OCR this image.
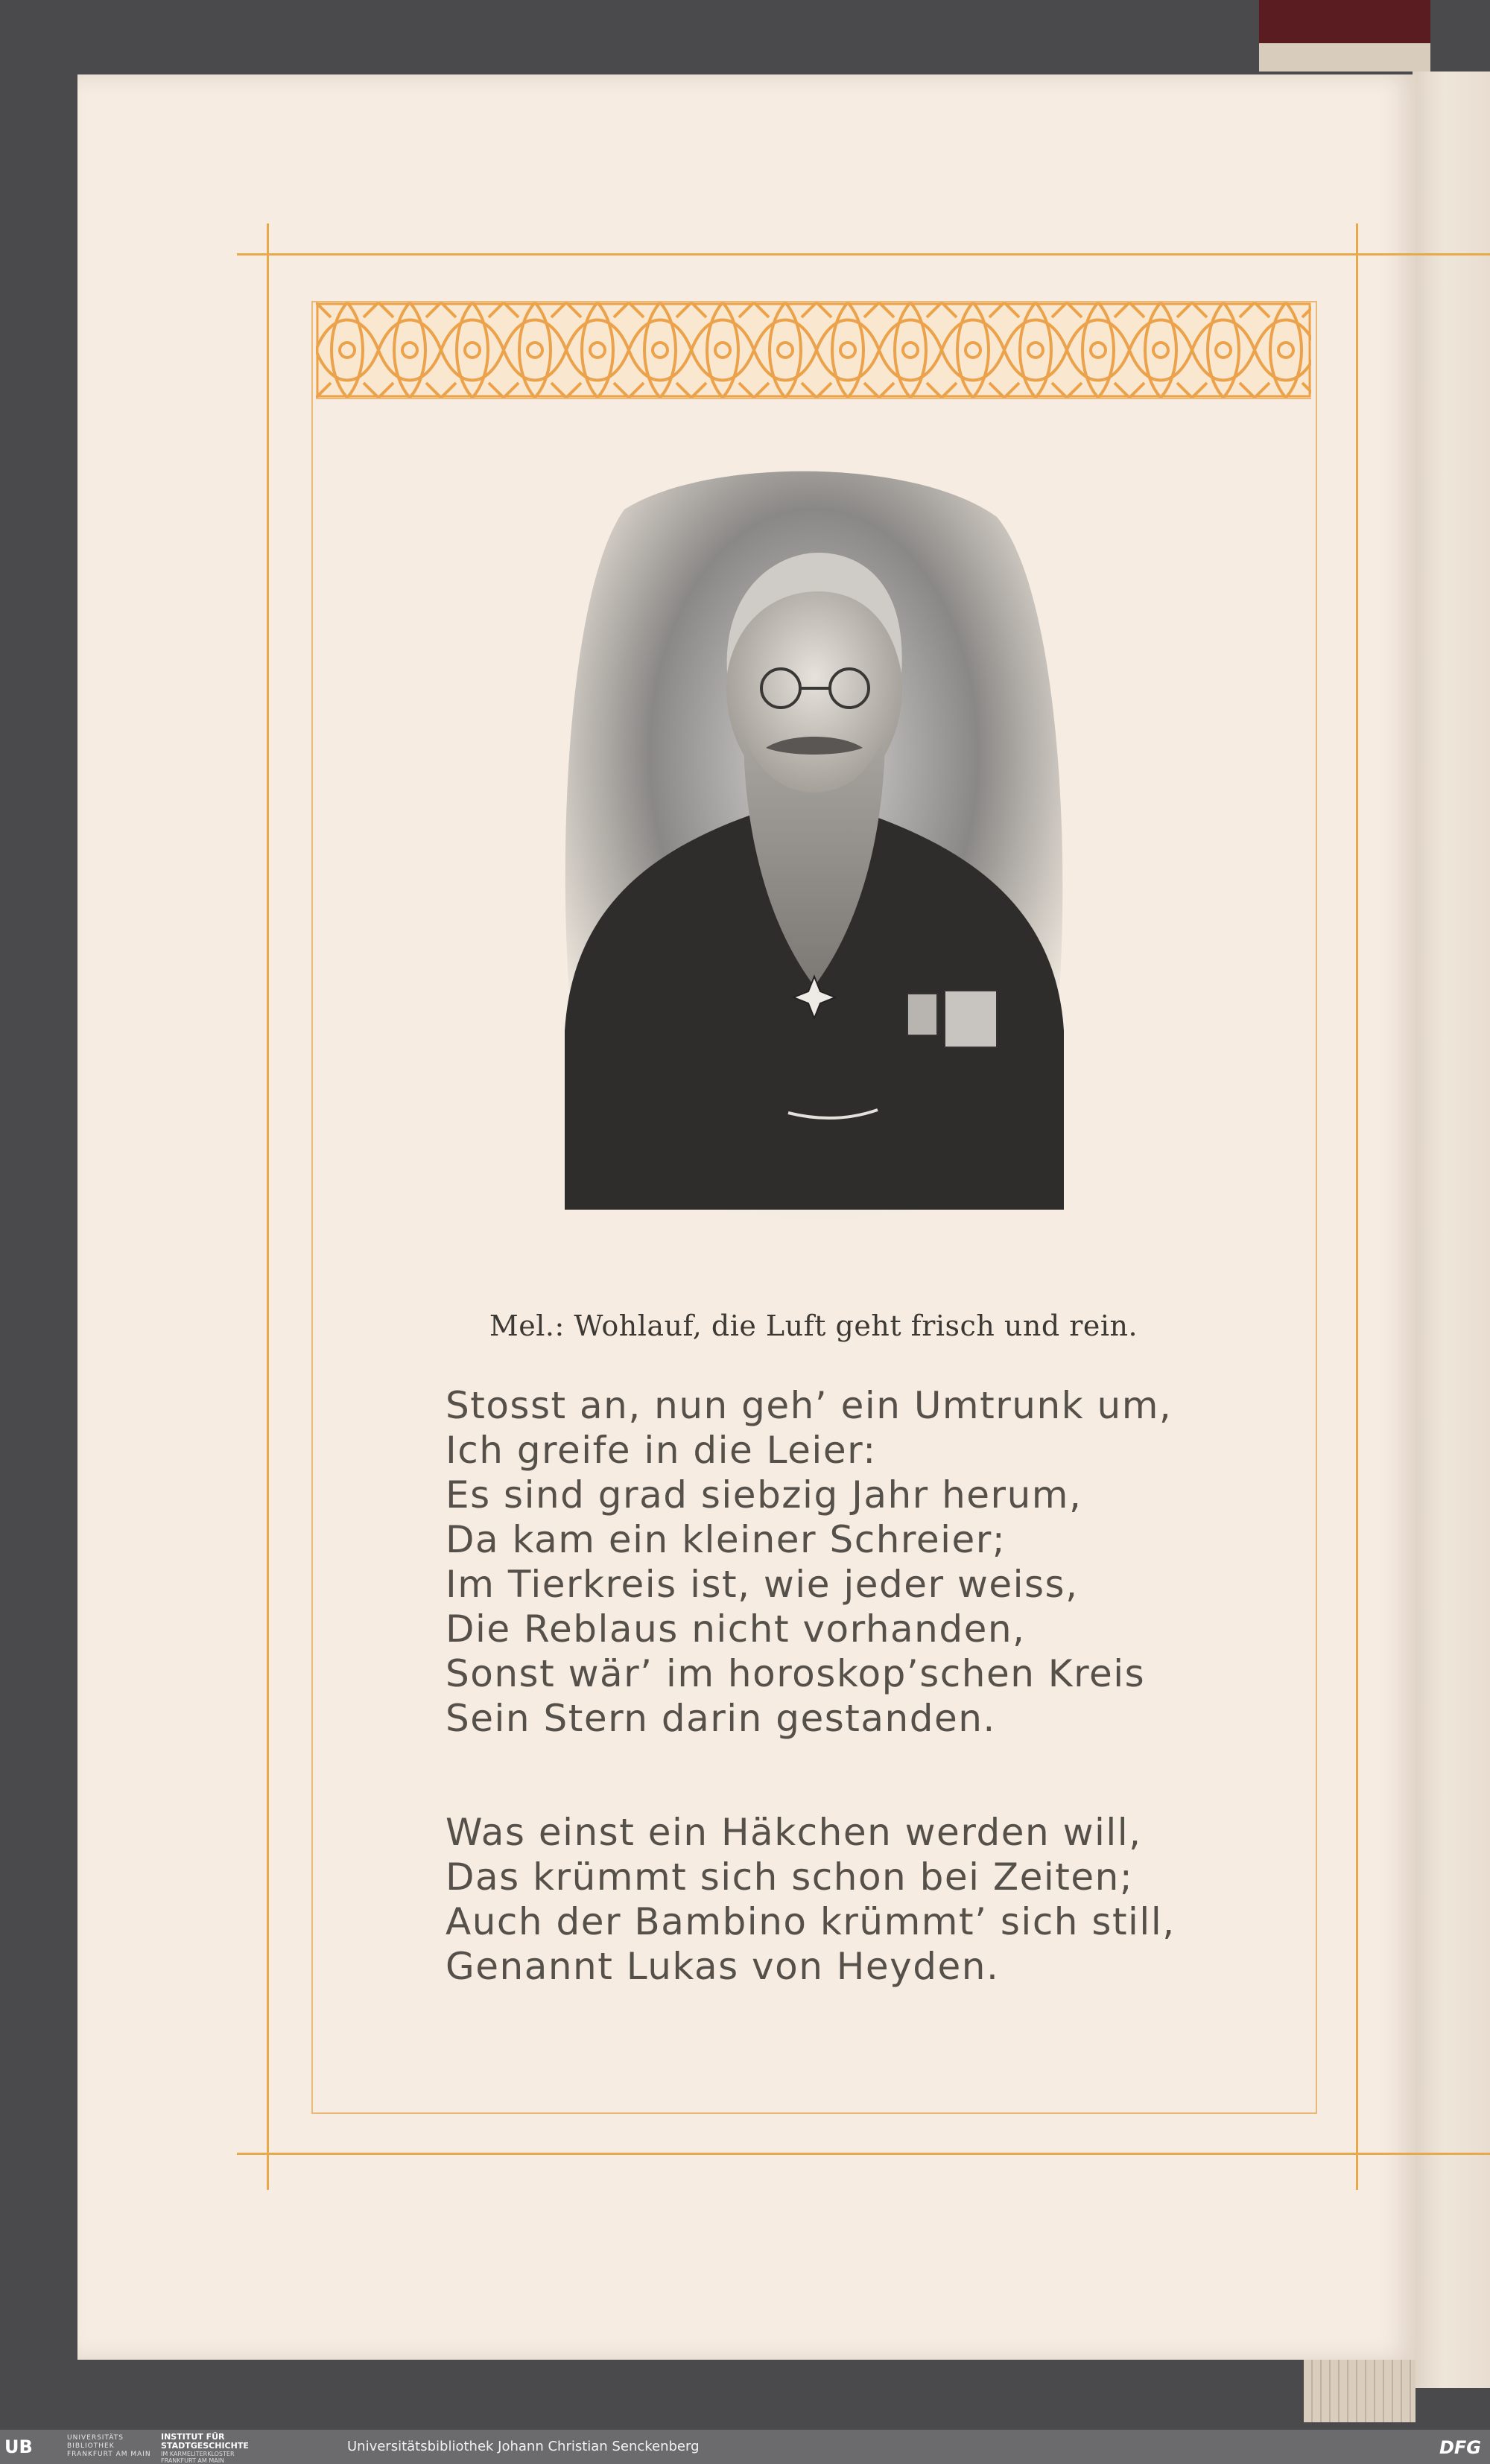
Mel.: Wohlauf, die Luft geht frisch und rein.
Stosst an, nun geh’ ein Umtrunk um,
Ich greife in die Leier:
Es sind grad siebzig Jahr herum,
Da kam ein kleiner Schreier;
Im Tierkreis ist, wie jeder weiss,
Die Reblaus nicht vorhanden,
Sonst wär’ im horoskop’schen Kreis
Sein Stern darin gestanden.
Was einst ein Häkchen werden will,
Das krümmt sich schon bei Zeiten;
Auch der Bambino krümmt’ sich still,
Genannt Lukas von Heyden.
UB	UNIVERSITÄTS
BIBLIOTHEK
FRANKFURT AM MAIN
INSTITUT FÜR
STADTGESCHICHTE
IM KARMELITERKLOSTER
FRANKFURT AM MAIN
Universitätsbibliothek Johann Christian Senckenberg	DFG
